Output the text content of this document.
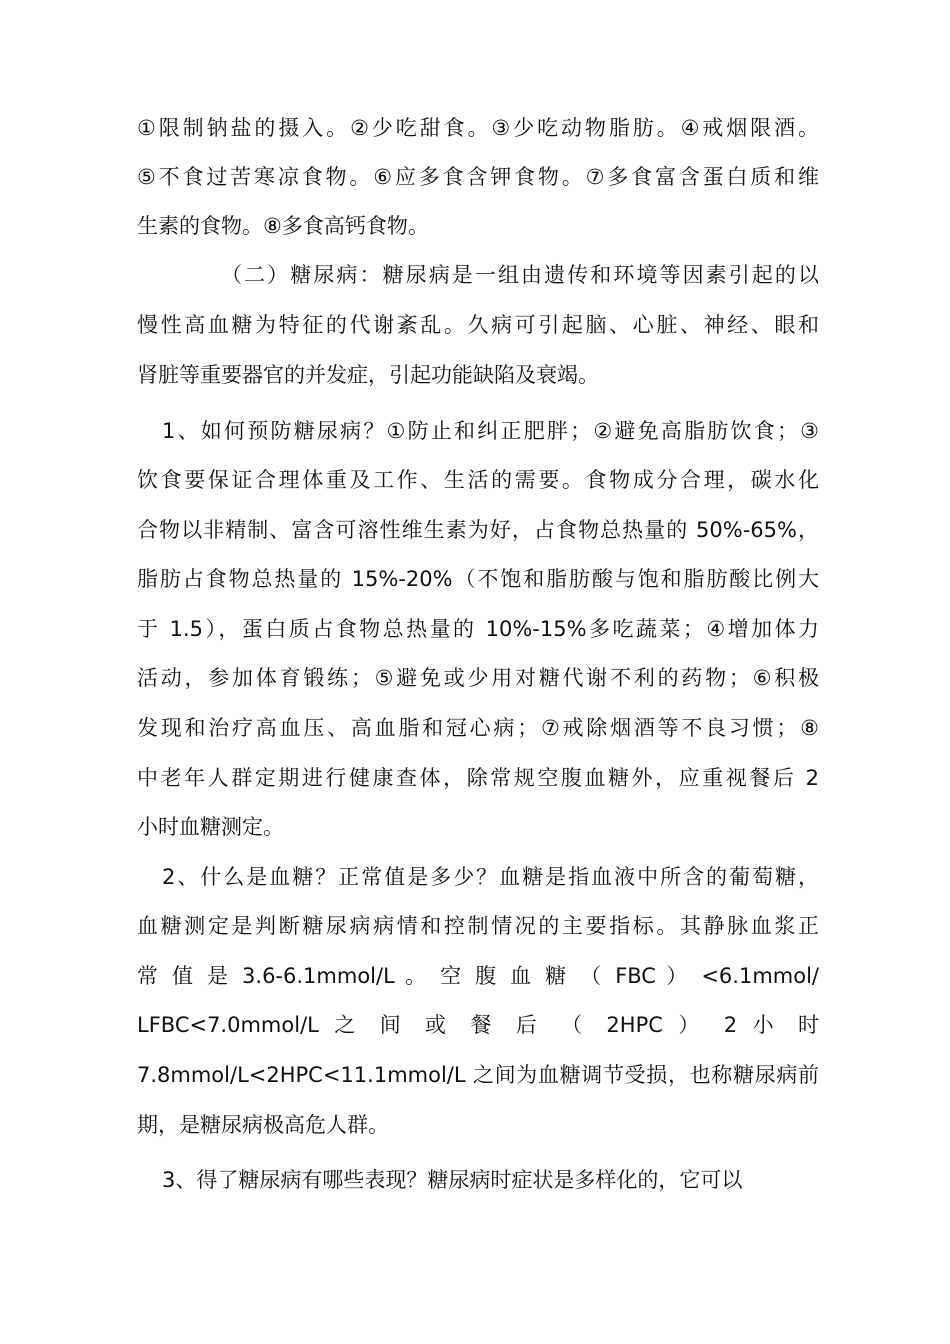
①限制钠盐的摄入。②少吃甜食。③少吃动物脂肪。④戒烟限酒。
⑤不食过苦寒凉食物。⑥应多食含钾食物。⑦多食富含蛋白质和维
生素的食物。⑧多食高钙食物。
（二）糖尿病：糖尿病是一组由遗传和环境等因素引起的以
慢性高血糖为特征的代谢紊乱。久病可引起脑、心脏、神经、眼和
肾脏等重要器官的并发症，引起功能缺陷及衰竭。
1、如何预防糖尿病？①防止和纠正肥胖；②避免高脂肪饮食；③
饮食要保证合理体重及工作、生活的需要。食物成分合理，碳水化
合物以非精制、富含可溶性维生素为好，占食物总热量的 50%-65%，
脂肪占食物总热量的 15%-20%（不饱和脂肪酸与饱和脂肪酸比例大
于 1.5），蛋白质占食物总热量的 10%-15%多吃蔬菜；④增加体力
活动，参加体育锻练；⑤避免或少用对糖代谢不利的药物；⑥积极
发现和治疗高血压、高血脂和冠心病；⑦戒除烟酒等不良习惯；⑧
中老年人群定期进行健康查体，除常规空腹血糖外，应重视餐后 2
小时血糖测定。
2、什么是血糖？正常值是多少？血糖是指血液中所含的葡萄糖，
血糖测定是判断糖尿病病情和控制情况的主要指标。其静脉血浆正
常 值 是 3.6-6.1mmol/L 。 空 腹 血 糖 （ FBC ） <6.1mmol/
LFBC<7.0mmol/L 之 间 或 餐 后 （ 2HPC ） 2 小 时
7.8mmol/L<2HPC<11.1mmol/L 之间为血糖调节受损，也称糖尿病前
期，是糖尿病极高危人群。
3、得了糖尿病有哪些表现？糖尿病时症状是多样化的，它可以
